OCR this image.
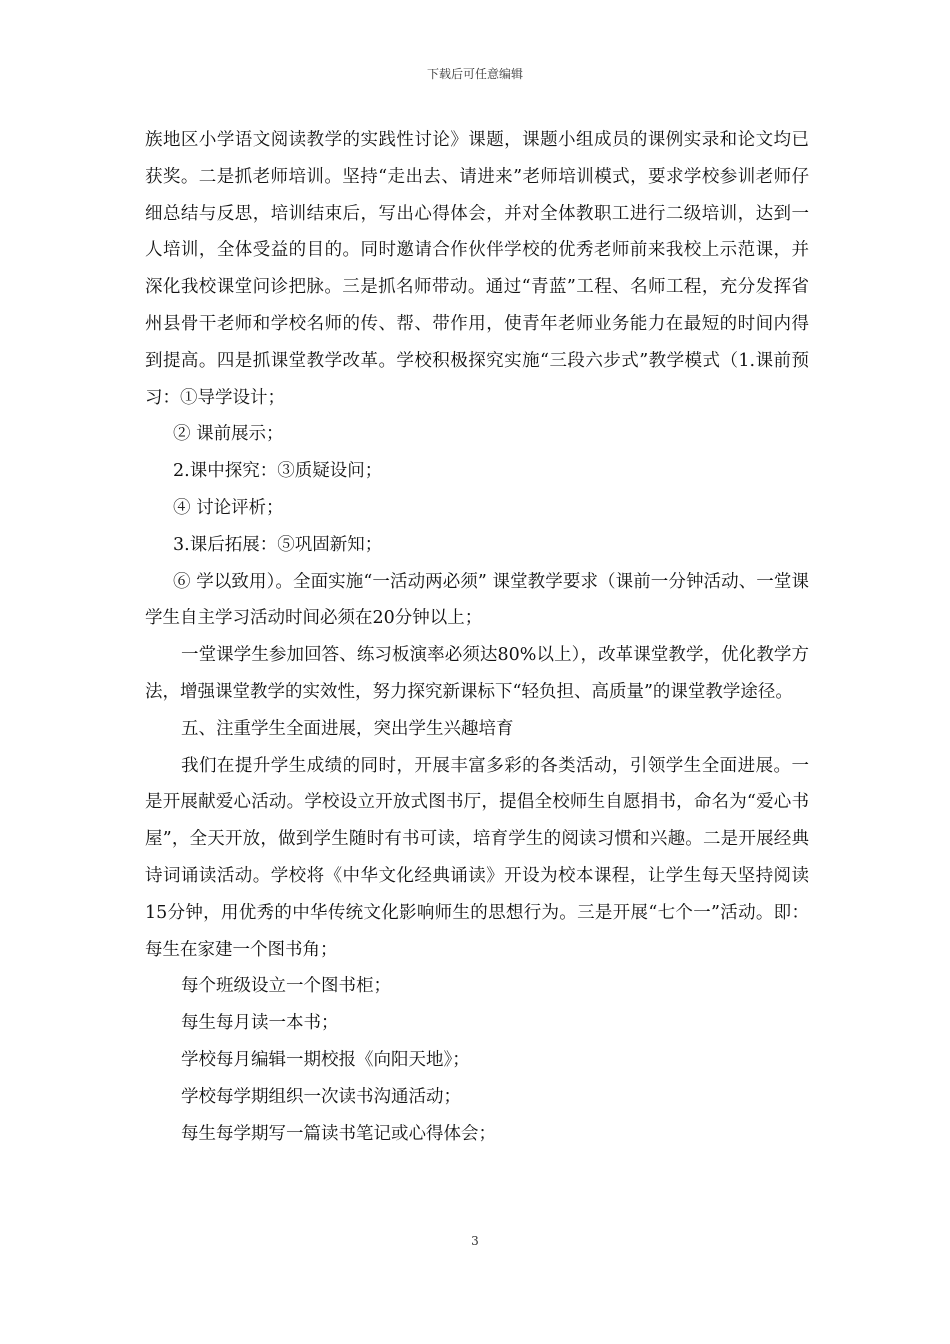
下载后可任意编辑

族地区小学语文阅读教学的实践性讨论》课题，课题小组成员的课例实录和论文均已获奖。二是抓老师培训。坚持“走出去、请进来”老师培训模式，要求学校参训老师仔细总结与反思，培训结束后，写出心得体会，并对全体教职工进行二级培训，达到一人培训，全体受益的目的。同时邀请合作伙伴学校的优秀老师前来我校上示范课，并深化我校课堂问诊把脉。三是抓名师带动。通过“青蓝”工程、名师工程，充分发挥省州县骨干老师和学校名师的传、帮、带作用，使青年老师业务能力在最短的时间内得到提高。四是抓课堂教学改革。学校积极探究实施“三段六步式”教学模式（1.课前预习：①导学设计；

② 课前展示；

2.课中探究：③质疑设问；

④ 讨论评析；

3.课后拓展：⑤巩固新知；

⑥ 学以致用）。全面实施“一活动两必须” 课堂教学要求（课前一分钟活动、一堂课学生自主学习活动时间必须在20分钟以上；

一堂课学生参加回答、练习板演率必须达80%以上），改革课堂教学，优化教学方法，增强课堂教学的实效性，努力探究新课标下“轻负担、高质量”的课堂教学途径。

五、注重学生全面进展，突出学生兴趣培育

我们在提升学生成绩的同时，开展丰富多彩的各类活动，引领学生全面进展。一是开展献爱心活动。学校设立开放式图书厅，提倡全校师生自愿捐书，命名为“爱心书屋”，全天开放，做到学生随时有书可读，培育学生的阅读习惯和兴趣。二是开展经典诗词诵读活动。学校将《中华文化经典诵读》开设为校本课程，让学生每天坚持阅读15分钟，用优秀的中华传统文化影响师生的思想行为。三是开展“七个一”活动。即：每生在家建一个图书角；

每个班级设立一个图书柜；

每生每月读一本书；

学校每月编辑一期校报《向阳天地》；

学校每学期组织一次读书沟通活动；

每生每学期写一篇读书笔记或心得体会；

3
